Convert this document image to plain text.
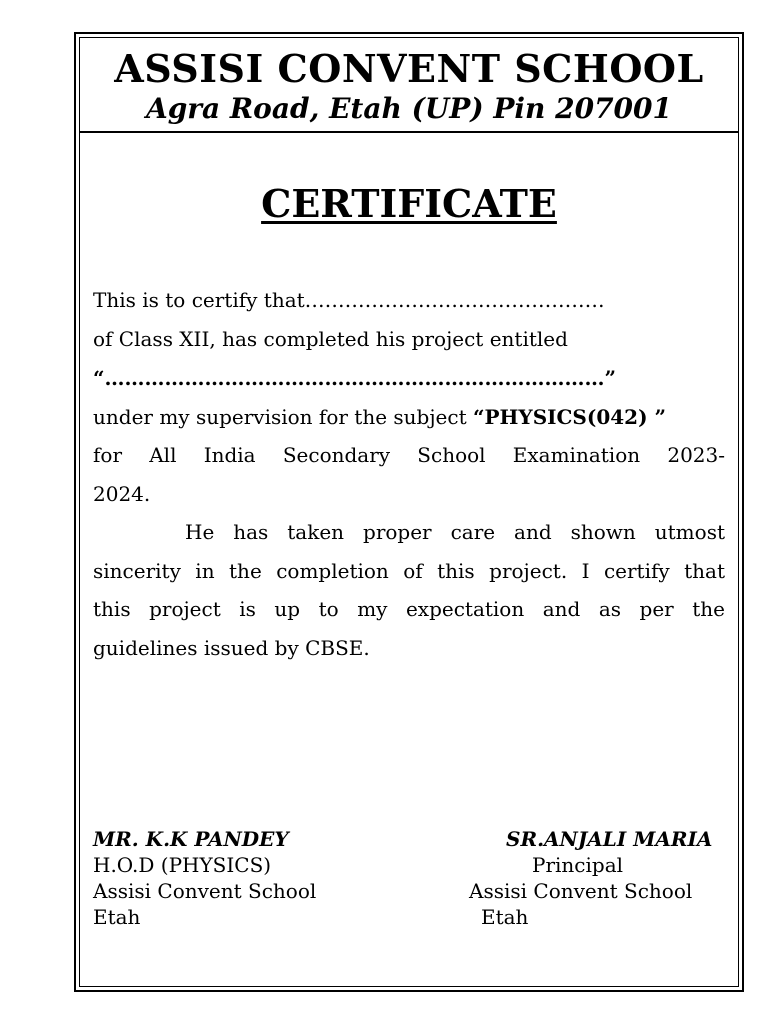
ASSISI CONVENT SCHOOL
Agra Road, Etah (UP) Pin 207001
CERTIFICATE
This is to certify that………………………………………
of Class XII, has completed his project entitled
“…………………………………………………………………”
under my supervision for the subject “PHYSICS(042) ”
for All India Secondary School Examination 2023-
2024.
He has taken proper care and shown utmost
sincerity in the completion of this project. I certify that
this project is up to my expectation and as per the
guidelines issued by CBSE.
MR. K.K PANDEY
H.O.D (PHYSICS)
Assisi Convent School
Etah
SR.ANJALI MARIA
Principal
Assisi Convent School
Etah
